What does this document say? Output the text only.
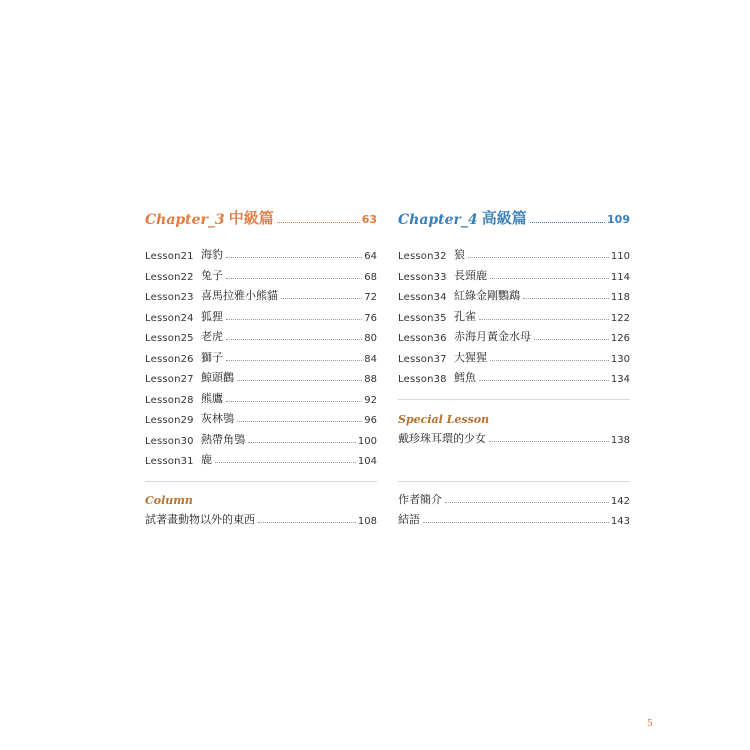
Chapter_3 中級篇	63
Lesson21 海豹	64
Lesson22 兔子	68
Lesson23 喜馬拉雅小熊貓	72
Lesson24 狐狸	76
Lesson25 老虎	80
Lesson26 獅子	84
Lesson27 鯨頭鸛	88
Lesson28 熊鷹	92
Lesson29 灰林鴞	96
Lesson30 熱帶角鴞	100
Lesson31 鹿	104
Column
試著畫動物以外的東西	108
Chapter_4 高級篇	109
Lesson32 狼	110
Lesson33 長頸鹿	114
Lesson34 紅綠金剛鸚鵡	118
Lesson35 孔雀	122
Lesson36 赤海月黃金水母	126
Lesson37 大猩猩	130
Lesson38 鱈魚	134
Special Lesson
戴珍珠耳環的少女	138
作者簡介	142
結語	143
5
